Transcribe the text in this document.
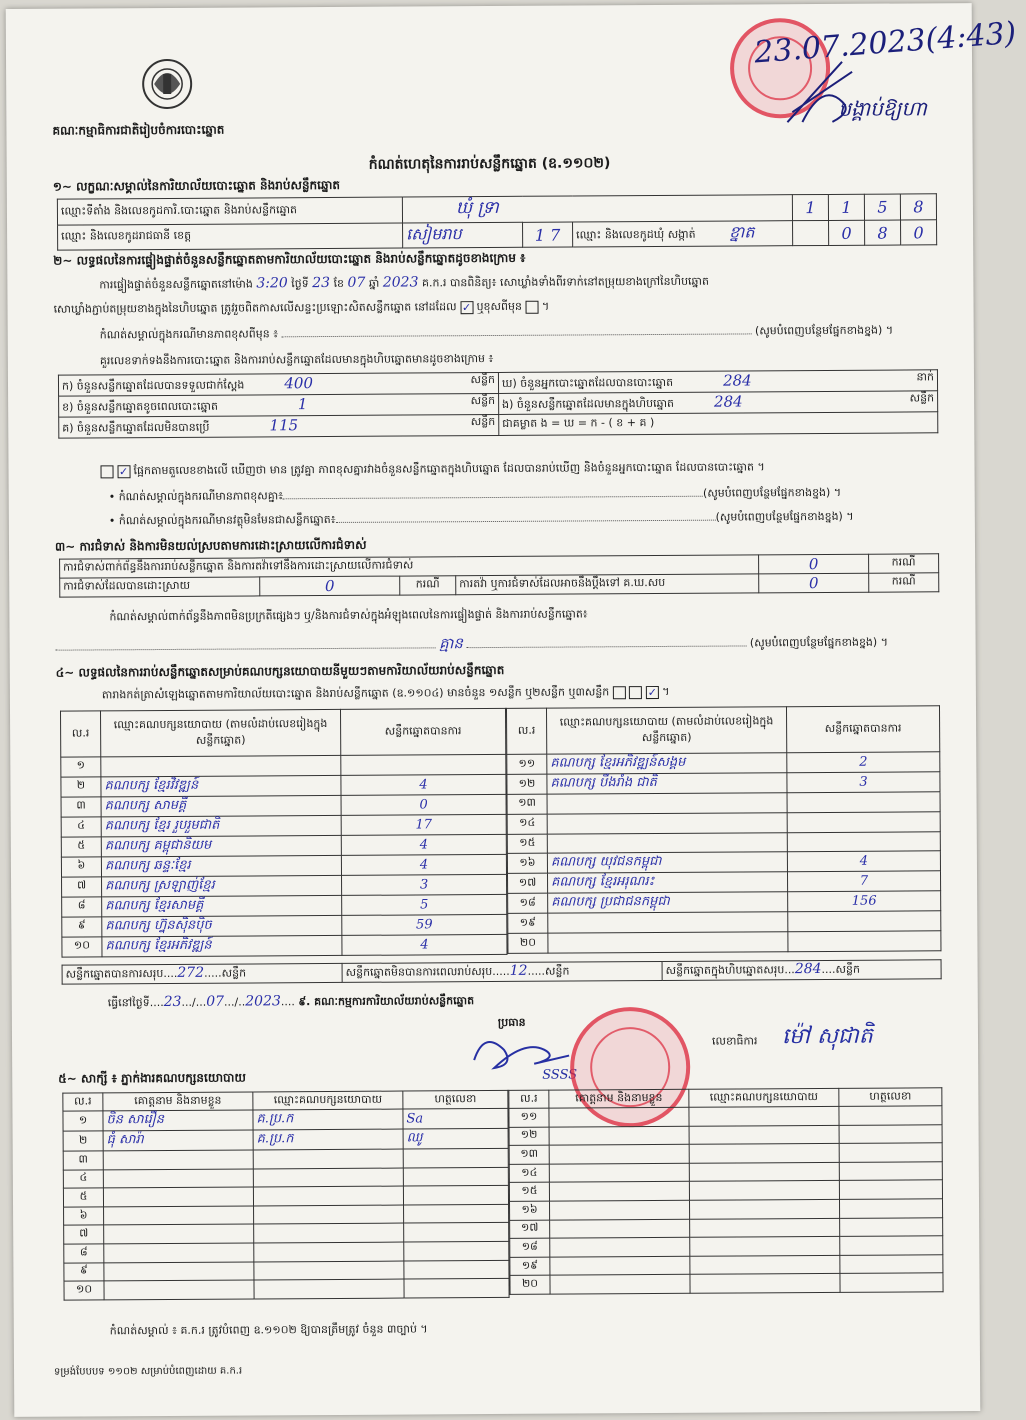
គណៈកម្មាធិការជាតិរៀបចំការបោះឆ្នោត
កំណត់ហេតុនៃការរាប់សន្លឹកឆ្នោត (ឧ.១១០២)
23.07.2023(4:43)
បង្គាប់ឱ្យហា
១~ លក្ខណៈសម្គាល់នៃការិយាល័យបោះឆ្នោត និងរាប់សន្លឹកឆ្នោត
ឈ្មោះទីតាំង និងលេខកូដការិ.បោះឆ្នោត និងរាប់សន្លឹកឆ្នោត	ឃុំ ទ្រា			1	1	5	8
ឈ្មោះ និងលេខកូដរាជធានី ខេត្ត	សៀមរាប	1 7	ឈ្មោះ និងលេខកូដឃុំ សង្កាត់ ខ្នាត		0	8	0
២~ លទ្ធផលនៃការផ្ទៀងផ្ទាត់ចំនួនសន្លឹកឆ្នោតតាមការិយាល័យបោះឆ្នោត និងរាប់សន្លឹកឆ្នោតដូចខាងក្រោម ៖
ការផ្ទៀងផ្ទាត់ចំនួនសន្លឹកឆ្នោតនៅម៉ោង 3:20 ថ្ងៃទី 23 ខែ 07 ឆ្នាំ 2023 គ.ក.រ បានពិនិត្យ៖ សោឃ្លាំងទាំងពីរទាក់នៅតម្រុយខាងក្រៅនៃហិបឆ្នោត
សោឃ្លាំងភ្ជាប់តម្រុយខាងក្នុងនៃហិបឆ្នោត ត្រូវរួចពិតកាសលើសន្ទះប្រឡោះសិតសន្លឹកឆ្នោត នៅដដែល ✓ ឬខុសពីមុន  ។
កំណត់សម្គាល់ក្នុងករណីមានភាពខុសពីមុន ៖	(សូមបំពេញបន្ថែមផ្នែកខាងខ្នង) ។
គួរលេខទាក់ទងនឹងការបោះឆ្នោត និងការរាប់សន្លឹកឆ្នោតដែលមានក្នុងហិបឆ្នោតមានដូចខាងក្រោម ៖
ក) ចំនួនសន្លឹកឆ្នោតដែលបានទទួលជាក់ស្តែង 400 សន្លឹក	ឃ) ចំនួនអ្នកបោះឆ្នោតដែលបានបោះឆ្នោត 284 នាក់

ខ) ចំនួនសន្លឹកឆ្នោតខូចពេលបោះឆ្នោត 1 សន្លឹក	ង) ចំនួនសន្លឹកឆ្នោតដែលមានក្នុងហិបឆ្នោត 284 សន្លឹក

គ) ចំនួនសន្លឹកឆ្នោតដែលមិនបានប្រើ 115 សន្លឹក	ជាគម្លាត ង = ឃ = ក - ( ខ + គ )
✓ ផ្អែកតាមតួលេខខាងលើ ឃើញថា មាន ត្រូវគ្នា ភាពខុសគ្នារវាងចំនួនសន្លឹកឆ្នោតក្នុងហិបឆ្នោត ដែលបានរាប់ឃើញ និងចំនួនអ្នកបោះឆ្នោត ដែលបានបោះឆ្នោត ។
• កំណត់សម្គាល់ក្នុងករណីមានភាពខុសគ្នា៖	(សូមបំពេញបន្ថែមផ្នែកខាងខ្នង) ។
• កំណត់សម្គាល់ក្នុងករណីមានវត្ថុមិនមែនជាសន្លឹកឆ្នោត៖	(សូមបំពេញបន្ថែមផ្នែកខាងខ្នង) ។
៣~ ការជំទាស់ និងការមិនយល់ស្របតាមការដោះស្រាយលើការជំទាស់
ការជំទាស់ពាក់ព័ន្ធនឹងការរាប់សន្លឹកឆ្នោត និងការតវ៉ាទៅនឹងការដោះស្រាយលើការជំទាស់				0	ករណី
ការជំទាស់ដែលបានដោះស្រាយ	0	ករណី	ការតវ៉ា ឬការជំទាស់ដែលអាចនឹងប្តឹងទៅ គ.ឃ.សប	0	ករណី
កំណត់សម្គាល់ពាក់ព័ន្ធនឹងភាពមិនប្រក្រតីផ្សេងៗ ឬ/និងការជំទាស់ក្នុងអំឡុងពេលនៃការផ្ទៀងផ្ទាត់ និងការរាប់សន្លឹកឆ្នោត៖
គ្មាន	(សូមបំពេញបន្ថែមផ្នែកខាងខ្នង) ។
៤~ លទ្ធផលនៃការរាប់សន្លឹកឆ្នោតសម្រាប់គណបក្សនយោបាយនីមួយៗតាមការិយាល័យរាប់សន្លឹកឆ្នោត
តារាងកត់ត្រាសំឡេងឆ្នោតតាមការិយាល័យបោះឆ្នោត និងរាប់សន្លឹកឆ្នោត (ឧ.១១០៤) មានចំនួន ១សន្លឹក ឬ២សន្លឹក ឬ៣សន្លឹក	✓ ។
ល.រ	ឈ្មោះគណបក្សនយោបាយ (តាមលំដាប់លេខរៀងក្នុងសន្លឹកឆ្នោត)	សន្លឹកឆ្នោតបានការ
១		
២	គណបក្ស ខ្មែរវិវឌ្ឍន៍	4
៣	គណបក្ស សាមគ្គី	0
៤	គណបក្ស ខ្មែរ រួបរួមជាតិ	17
៥	គណបក្ស គម្ពុជានិយម	4
៦	គណបក្ស ឆន្ទៈខ្មែរ	4
៧	គណបក្ស ស្រឡាញ់ខ្មែរ	3
៨	គណបក្ស ខ្មែរសាមគ្គី	5
៩	គណបក្ស ហ្វ៊ុនស៊ិនប៉ិច	59
១០	គណបក្ស ខ្មែរអភិវឌ្ឍន៍	4
ល.រ	ឈ្មោះគណបក្សនយោបាយ (តាមលំដាប់លេខរៀងក្នុងសន្លឹកឆ្នោត)	សន្លឹកឆ្នោតបានការ
១១	គណបក្ស ខ្មែរអភិវឌ្ឍន៍សង្គម	2
១២	គណបក្ស បឹងរាំង ជាតិ	3
១៣		
១៤		
១៥		
១៦	គណបក្ស យុវជនកម្ពុជា	4
១៧	គណបក្ស ខ្មែរអរុណរះ	7
១៨	គណបក្ស ប្រជាជនកម្ពុជា	156
១៩		
២០		
សន្លឹកឆ្នោតបានការសរុប....272.....សន្លឹក	សន្លឹកឆ្នោតមិនបានការពេលរាប់សរុប.....12.....សន្លឹក	សន្លឹកឆ្នោតក្នុងហិបឆ្នោតសរុប...284....សន្លឹក
ធ្វើនៅថ្ងៃទី....23.../...07.../..2023.... ៩. គណៈកម្មការការិយាល័យរាប់សន្លឹកឆ្នោត
ប្រធាន
លេខាធិការ ម៉ៅ សុជាតិ
SSSS
៥~ សាក្សី ៖ ភ្នាក់ងារគណបក្សនយោបាយ
ល.រ	គោត្តនាម និងនាមខ្លួន	ឈ្មោះគណបក្សនយោបាយ	ហត្ថលេខា
១	ចិន សារឿន	គ.ប្រ.ក	Sa
២	ធុំ សារ៉ា	គ.ប្រ.ក	ឈូ
៣			
៤			
៥			
៦			
៧			
៨			
៩			
១០			
ល.រ	គោត្តនាម និងនាមខ្លួន	ឈ្មោះគណបក្សនយោបាយ	ហត្ថលេខា
១១			
១២			
១៣			
១៤			
១៥			
១៦			
១៧			
១៨			
១៩			
២០			
កំណត់សម្គាល់ ៖ គ.ក.រ ត្រូវបំពេញ ឧ.១១០២ ឱ្យបានត្រឹមត្រូវ ចំនួន ៣ច្បាប់ ។
ទម្រង់បែបបទ ១១០២ សម្រាប់បំពេញដោយ គ.ក.រ
